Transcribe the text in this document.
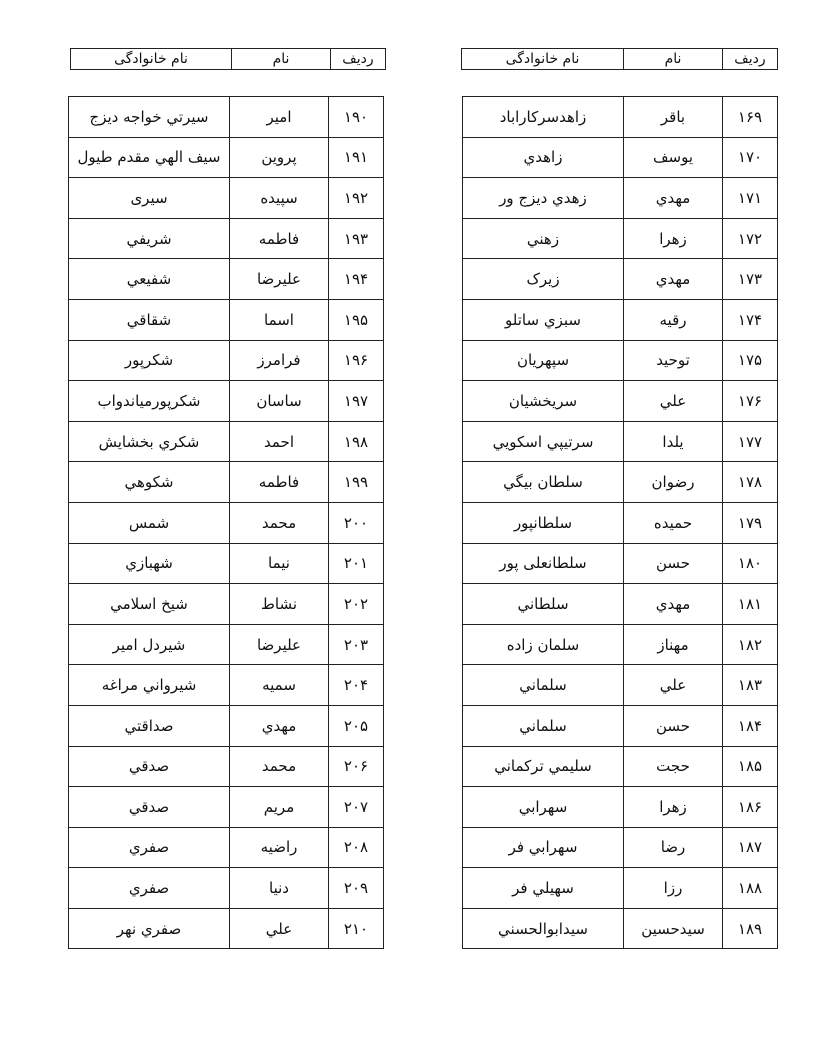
ردیف	نام	نام خانوادگی
ردیف	نام	نام خانوادگی
۱۶۹	باقر	زاهدسرکاراباد
۱۷۰	يوسف	زاهدي
۱۷۱	مهدي	زهدي ديزج ور
۱۷۲	زهرا	زهني
۱۷۳	مهدي	زيرک
۱۷۴	رقيه	سبزي ساتلو
۱۷۵	توحيد	سپهريان
۱۷۶	علي	سريخشيان
۱۷۷	يلدا	سرتيپي اسکويي
۱۷۸	رضوان	سلطان بيگي
۱۷۹	حميده	سلطانپور
۱۸۰	حسن	سلطانعلی پور
۱۸۱	مهدي	سلطاني
۱۸۲	مهناز	سلمان زاده
۱۸۳	علي	سلماني
۱۸۴	حسن	سلماني
۱۸۵	حجت	سليمي ترکماني
۱۸۶	زهرا	سهرابي
۱۸۷	رضا	سهرابي فر
۱۸۸	رزا	سهيلي فر
۱۸۹	سيدحسين	سيدابوالحسني
۱۹۰	امير	سيرتي خواجه ديزج
۱۹۱	پروين	سيف الهي مقدم طيول
۱۹۲	سپيده	سیری
۱۹۳	فاطمه	شريفي
۱۹۴	عليرضا	شفيعي
۱۹۵	اسما	شقاقي
۱۹۶	فرامرز	شكرپور
۱۹۷	ساسان	شکرپورمياندواب
۱۹۸	احمد	شکري بخشايش
۱۹۹	فاطمه	شکوهي
۲۰۰	محمد	شمس
۲۰۱	نيما	شهبازي
۲۰۲	نشاط	شيخ اسلامي
۲۰۳	عليرضا	شيردل امير
۲۰۴	سميه	شيرواني مراغه
۲۰۵	مهدي	صداقتي
۲۰۶	محمد	صدقي
۲۰۷	مريم	صدقي
۲۰۸	راضيه	صفري
۲۰۹	دنيا	صفري
۲۱۰	علي	صفري نهر
